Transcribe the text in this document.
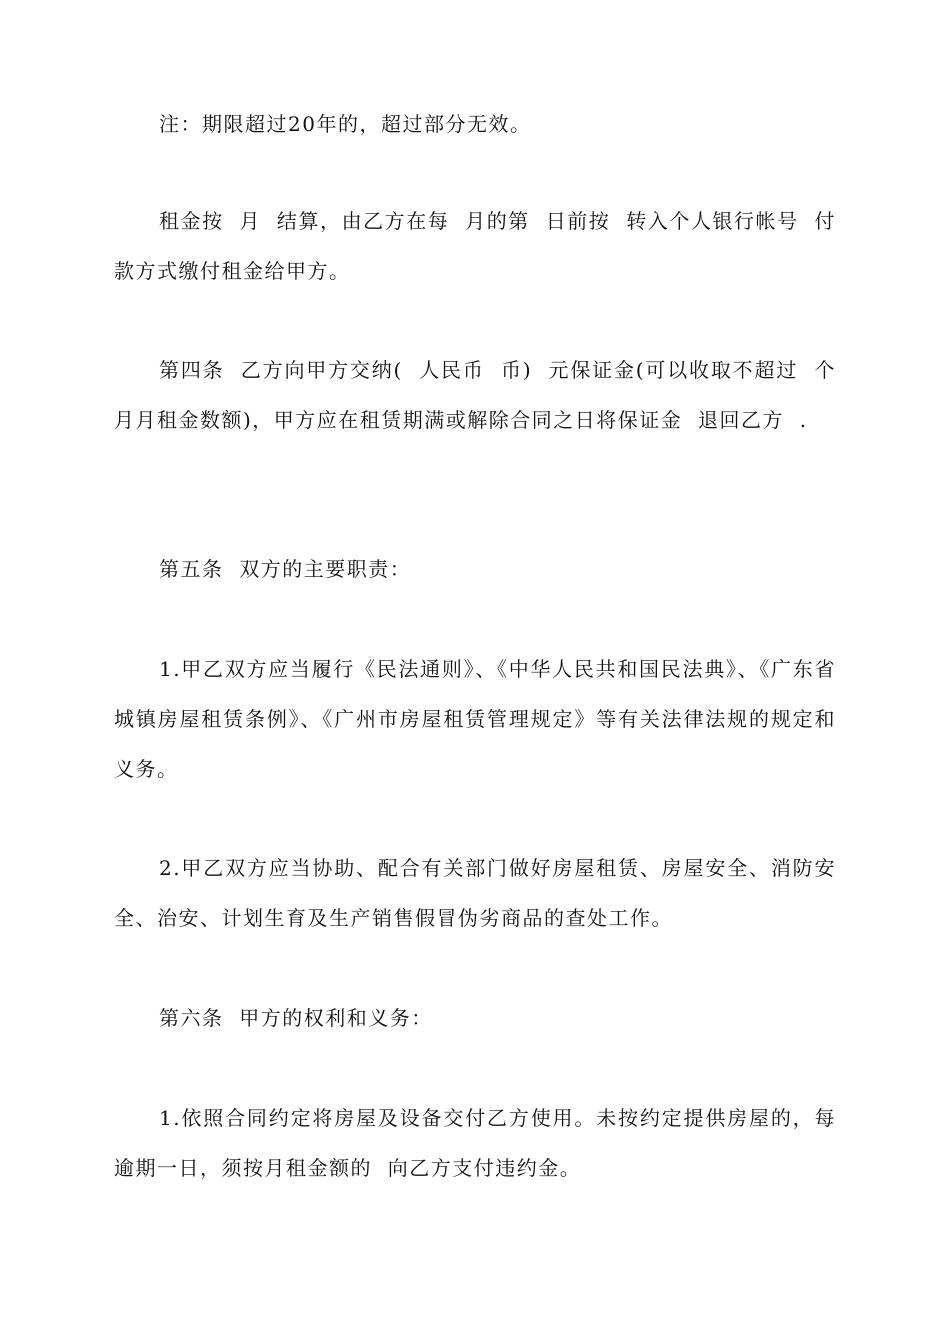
注：期限超过20年的，超过部分无效。

租金按  月  结算，由乙方在每  月的第  日前按  转入个人银行帐号  付款方式缴付租金给甲方。

第四条  乙方向甲方交纳(  人民币  币)  元保证金(可以收取不超过  个月月租金数额)，甲方应在租赁期满或解除合同之日将保证金  退回乙方  .

第五条  双方的主要职责：

1.甲乙双方应当履行《民法通则》、《中华人民共和国民法典》、《广东省城镇房屋租赁条例》、《广州市房屋租赁管理规定》等有关法律法规的规定和义务。

2.甲乙双方应当协助、配合有关部门做好房屋租赁、房屋安全、消防安全、治安、计划生育及生产销售假冒伪劣商品的查处工作。

第六条  甲方的权利和义务：

1.依照合同约定将房屋及设备交付乙方使用。未按约定提供房屋的，每逾期一日，须按月租金额的  向乙方支付违约金。
